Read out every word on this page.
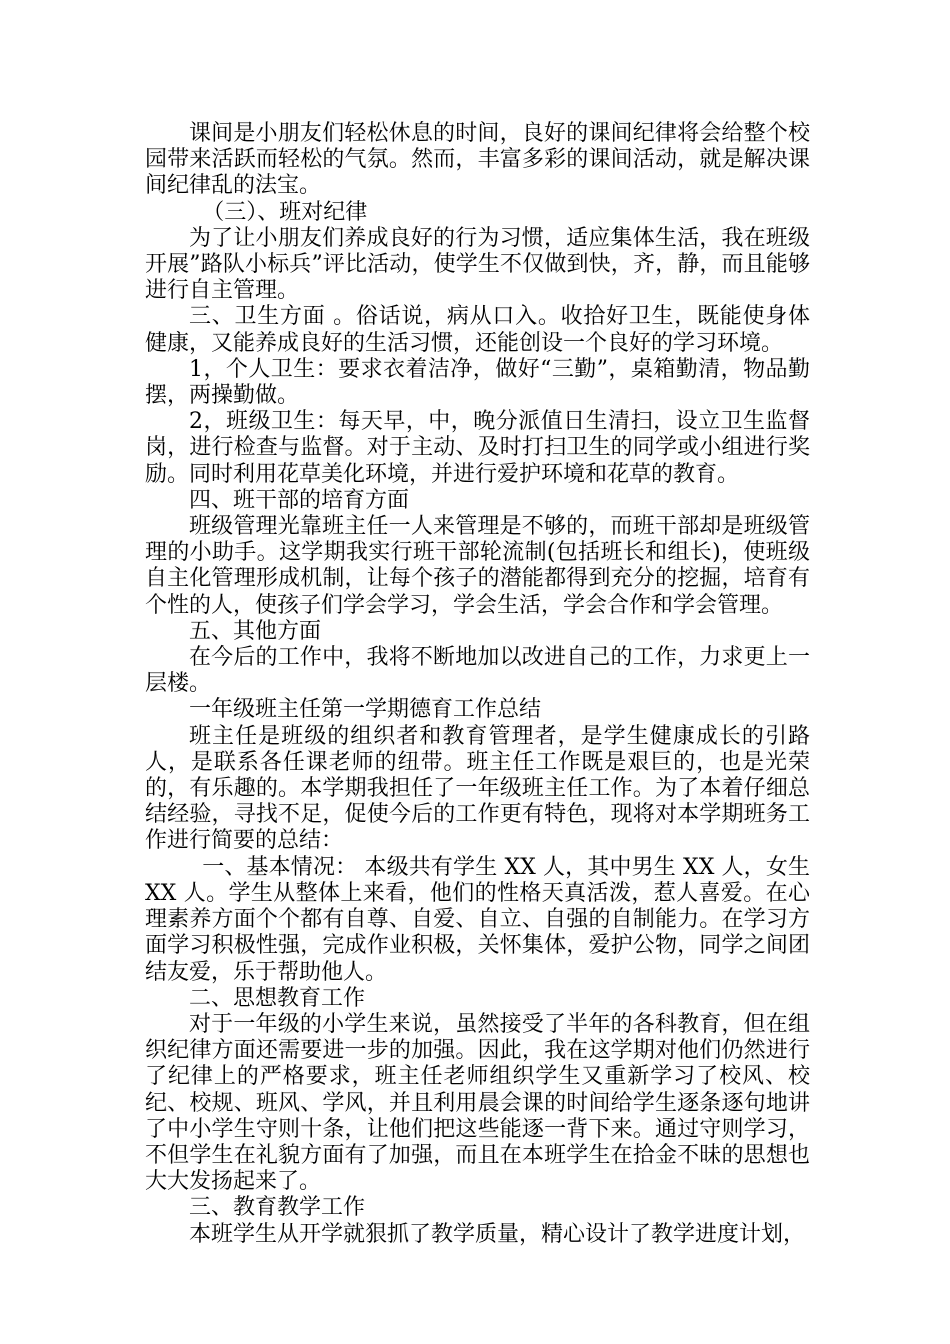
课间是小朋友们轻松休息的时间，良好的课间纪律将会给整个校园带来活跃而轻松的气氛。然而，丰富多彩的课间活动，就是解决课间纪律乱的法宝。

（三）、班对纪律

为了让小朋友们养成良好的行为习惯，适应集体生活，我在班级开展”路队小标兵”评比活动，使学生不仅做到快，齐，静，而且能够进行自主管理。

三、卫生方面 。俗话说，病从口入。收拾好卫生，既能使身体健康，又能养成良好的生活习惯，还能创设一个良好的学习环境。

1，个人卫生：要求衣着洁净，做好“三勤”，桌箱勤清，物品勤摆，两操勤做。

2，班级卫生：每天早，中，晚分派值日生清扫，设立卫生监督岗，进行检查与监督。对于主动、及时打扫卫生的同学或小组进行奖励。同时利用花草美化环境，并进行爱护环境和花草的教育。

四、班干部的培育方面

班级管理光靠班主任一人来管理是不够的，而班干部却是班级管理的小助手。这学期我实行班干部轮流制(包括班长和组长)，使班级自主化管理形成机制，让每个孩子的潜能都得到充分的挖掘，培育有个性的人，使孩子们学会学习，学会生活，学会合作和学会管理。

五、其他方面

在今后的工作中，我将不断地加以改进自己的工作，力求更上一层楼。

一年级班主任第一学期德育工作总结

班主任是班级的组织者和教育管理者，是学生健康成长的引路人，是联系各任课老师的纽带。班主任工作既是艰巨的，也是光荣的，有乐趣的。本学期我担任了一年级班主任工作。为了本着仔细总结经验，寻找不足，促使今后的工作更有特色，现将对本学期班务工作进行简要的总结：

一、基本情况： 本级共有学生 XX 人，其中男生 XX 人，女生 XX 人。学生从整体上来看，他们的性格天真活泼，惹人喜爱。在心理素养方面个个都有自尊、自爱、自立、自强的自制能力。在学习方面学习积极性强，完成作业积极，关怀集体，爱护公物，同学之间团结友爱，乐于帮助他人。

二、思想教育工作

对于一年级的小学生来说，虽然接受了半年的各科教育，但在组织纪律方面还需要进一步的加强。因此，我在这学期对他们仍然进行了纪律上的严格要求，班主任老师组织学生又重新学习了校风、校纪、校规、班风、学风，并且利用晨会课的时间给学生逐条逐句地讲了中小学生守则十条，让他们把这些能逐一背下来。通过守则学习，不但学生在礼貌方面有了加强，而且在本班学生在拾金不昧的思想也大大发扬起来了。

三、教育教学工作

本班学生从开学就狠抓了教学质量，精心设计了教学进度计划，
